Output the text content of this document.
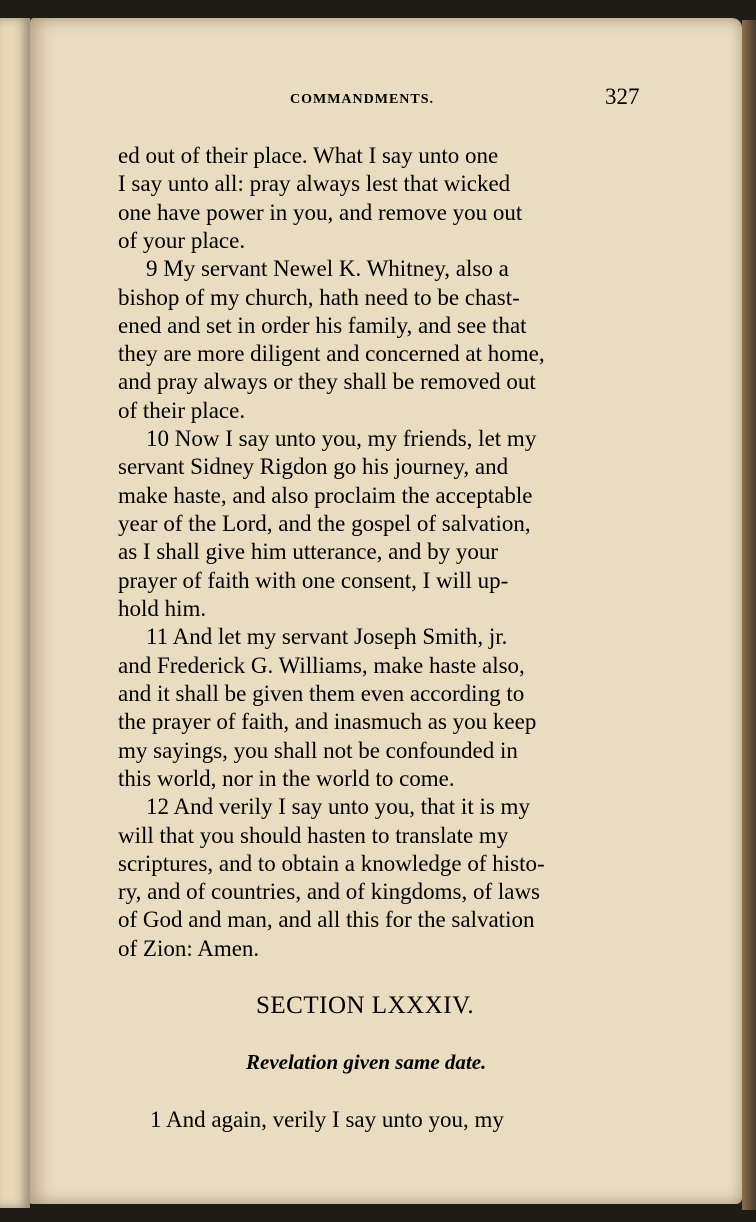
COMMANDMENTS.	327
ed out of their place. What I say unto one
I say unto all: pray always lest that wicked
one have power in you, and remove you out
of your place.
9 My servant Newel K. Whitney, also a
bishop of my church, hath need to be chast-
ened and set in order his family, and see that
they are more diligent and concerned at home,
and pray always or they shall be removed out
of their place.
10 Now I say unto you, my friends, let my
servant Sidney Rigdon go his journey, and
make haste, and also proclaim the acceptable
year of the Lord, and the gospel of salvation,
as I shall give him utterance, and by your
prayer of faith with one consent, I will up-
hold him.
11 And let my servant Joseph Smith, jr.
and Frederick G. Williams, make haste also,
and it shall be given them even according to
the prayer of faith, and inasmuch as you keep
my sayings, you shall not be confounded in
this world, nor in the world to come.
12 And verily I say unto you, that it is my
will that you should hasten to translate my
scriptures, and to obtain a knowledge of histo-
ry, and of countries, and of kingdoms, of laws
of God and man, and all this for the salvation
of Zion: Amen.
SECTION LXXXIV.
Revelation given same date.
1 And again, verily I say unto you, my
